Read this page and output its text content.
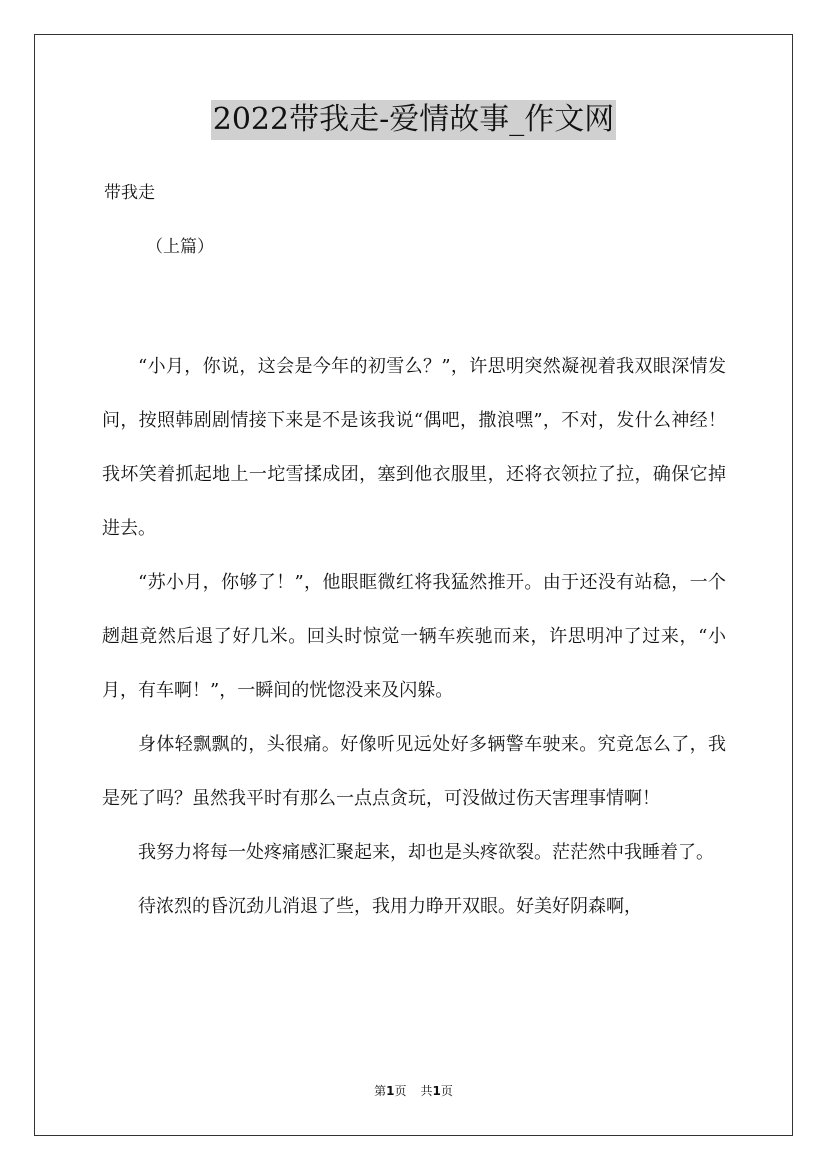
2022带我走-爱情故事_作文网
带我走
（上篇）

“小月，你说，这会是今年的初雪么？”，许思明突然凝视着我双眼深情发问，按照韩剧剧情接下来是不是该我说“偶吧，撒浪嘿”，不对，发什么神经！我坏笑着抓起地上一坨雪揉成团，塞到他衣服里，还将衣领拉了拉，确保它掉进去。

“苏小月，你够了！”，他眼眶微红将我猛然推开。由于还没有站稳，一个趔趄竟然后退了好几米。回头时惊觉一辆车疾驰而来，许思明冲了过来，“小月，有车啊！”，一瞬间的恍惚没来及闪躲。

身体轻飘飘的，头很痛。好像听见远处好多辆警车驶来。究竟怎么了，我是死了吗？虽然我平时有那么一点点贪玩，可没做过伤天害理事情啊！

我努力将每一处疼痛感汇聚起来，却也是头疼欲裂。茫茫然中我睡着了。

待浓烈的昏沉劲儿消退了些，我用力睁开双眼。好美好阴森啊，

第1页 共1页
